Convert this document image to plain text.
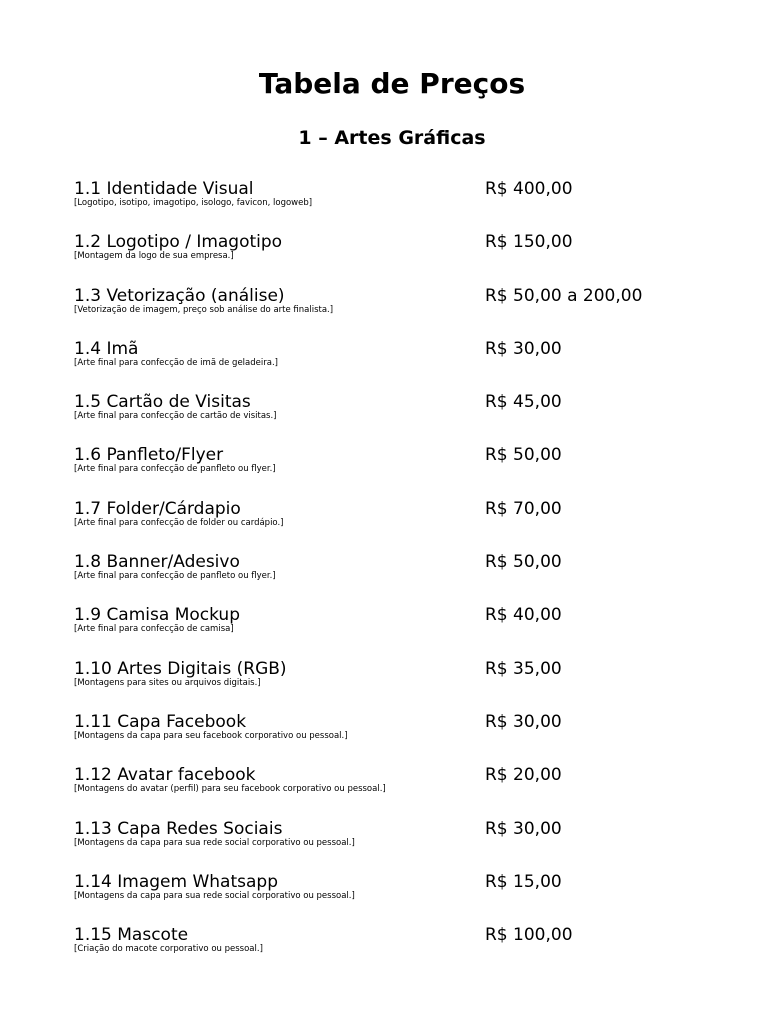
Tabela de Preços
1 – Artes Gráficas
1.1 Identidade Visual
[Logotipo, isotipo, imagotipo, isologo, favicon, logoweb]
R$ 400,00
1.2 Logotipo / Imagotipo
[Montagem da logo de sua empresa.]
R$ 150,00
1.3 Vetorização (análise)
[Vetorização de imagem, preço sob análise do arte finalista.]
R$ 50,00 a 200,00
1.4 Imã
[Arte final para confecção de imã de geladeira.]
R$ 30,00
1.5 Cartão de Visitas
[Arte final para confecção de cartão de visitas.]
R$ 45,00
1.6 Panfleto/Flyer
[Arte final para confecção de panfleto ou flyer.]
R$ 50,00
1.7 Folder/Cárdapio
[Arte final para confecção de folder ou cardápio.]
R$ 70,00
1.8 Banner/Adesivo
[Arte final para confecção de panfleto ou flyer.]
R$ 50,00
1.9 Camisa Mockup
[Arte final para confecção de camisa]
R$ 40,00
1.10 Artes Digitais (RGB)
[Montagens para sites ou arquivos digitais.]
R$ 35,00
1.11 Capa Facebook
[Montagens da capa para seu facebook corporativo ou pessoal.]
R$ 30,00
1.12 Avatar facebook
[Montagens do avatar (perfil) para seu facebook corporativo ou pessoal.]
R$ 20,00
1.13 Capa Redes Sociais
[Montagens da capa para sua rede social corporativo ou pessoal.]
R$ 30,00
1.14 Imagem Whatsapp
[Montagens da capa para sua rede social corporativo ou pessoal.]
R$ 15,00
1.15 Mascote
[Criação do macote corporativo ou pessoal.]
R$ 100,00
